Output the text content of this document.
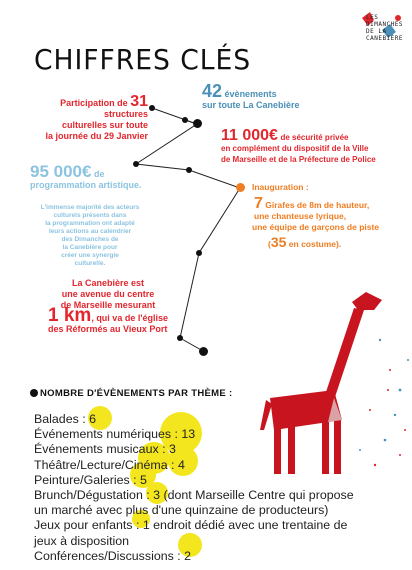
LES
DIMANCHES
DE LA
CANEBIÈRE
CHIFFRES CLÉS
Participation de 31 structures
culturelles sur toute
la journée du 29 Janvier
42 évènements
sur toute La Canebière
11 000€ de sécurité privée
en complément du dispositif de la Ville
de Marseille et de la Préfecture de Police
95 000€ de
programmation artistique.
L'immense majorité des acteurs
culturels présents dans
la programmation ont adapté
leurs actions au calendrier
des Dimanches de
la Canebière pour
créer une synergie
culturelle.
Inauguration :
7 Girafes de 8m de hauteur,
une chanteuse lyrique,
une équipe de garçons de piste
(35 en costume).
La Canebière est
une avenue du centre
de Marseille mesurant
1 km, qui va de l'église
des Réformés au Vieux Port
NOMBRE D'ÉVÈNEMENTS PAR THÈME :
Balades : 6
Événements numériques : 13
Événements musicaux : 3
Théâtre/Lecture/Cinéma : 4
Peinture/Galeries : 5
Brunch/Dégustation : 3 (dont Marseille Centre qui propose
un marché avec plus d'une quinzaine de producteurs)
Jeux pour enfants : 1 endroit dédié avec une trentaine de
jeux à disposition
Conférences/Discussions : 2
